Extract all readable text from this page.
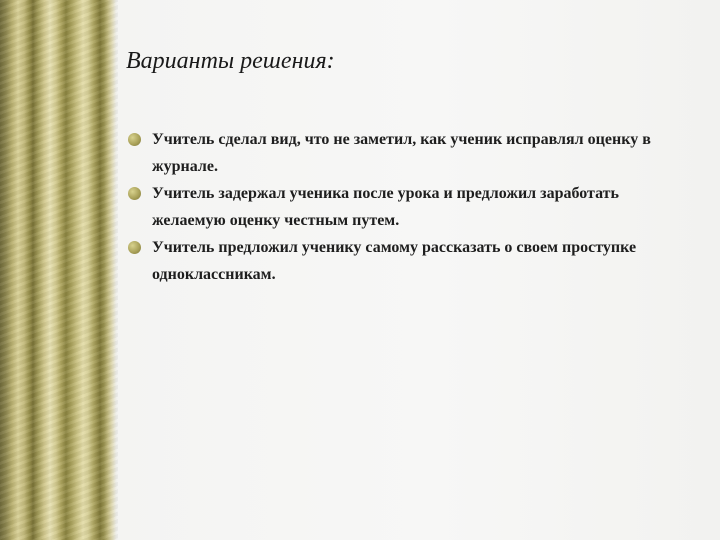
Варианты решения:
Учитель сделал вид, что не заметил, как ученик исправлял оценку в журнале.
Учитель задержал ученика после урока и предложил заработать желаемую оценку честным путем.
Учитель предложил ученику самому рассказать о своем проступке одноклассникам.
